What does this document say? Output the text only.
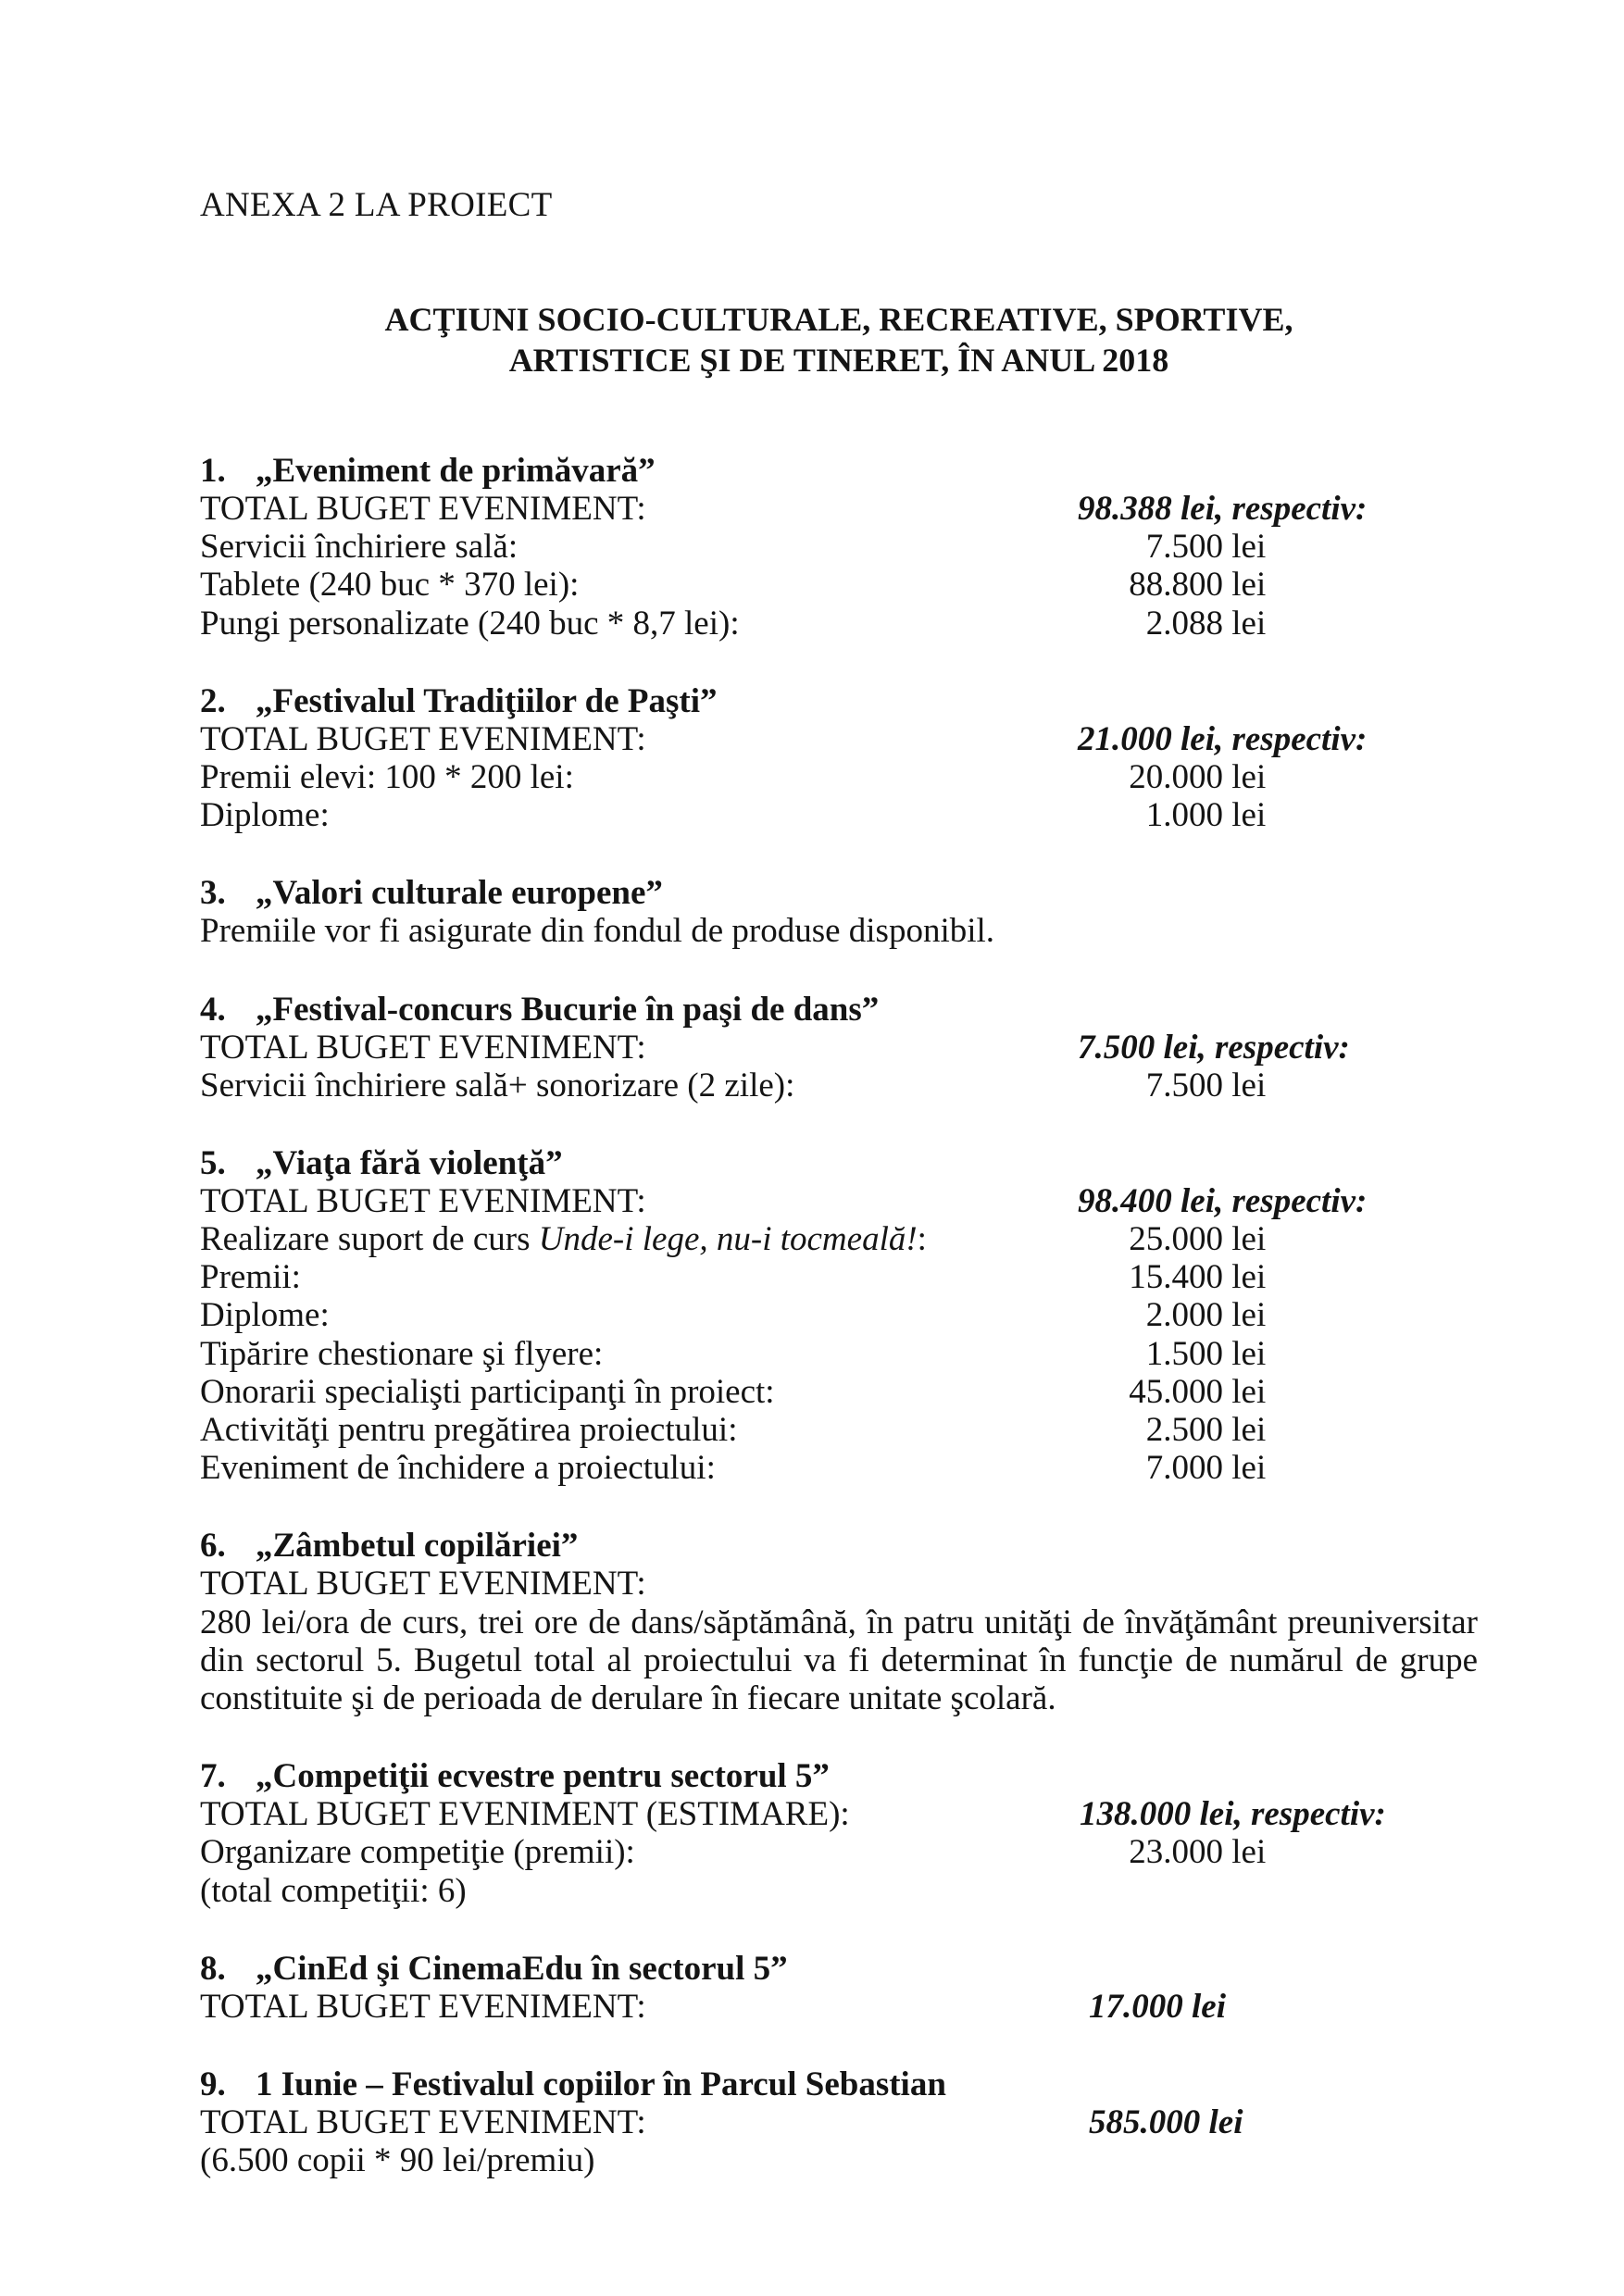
ANEXA 2 LA PROIECT
ACŢIUNI SOCIO-CULTURALE, RECREATIVE, SPORTIVE,
ARTISTICE ŞI DE TINERET, ÎN ANUL 2018
1. „Eveniment de primăvară”
TOTAL BUGET EVENIMENT:	98.388 lei, respectiv:
Servicii închiriere sală:	7.500 lei
Tablete (240 buc * 370 lei):	88.800 lei
Pungi personalizate (240 buc * 8,7 lei):	2.088 lei
2. „Festivalul Tradiţiilor de Paşti”
TOTAL BUGET EVENIMENT:	21.000 lei, respectiv:
Premii elevi: 100 * 200 lei:	20.000 lei
Diplome:	1.000 lei
3. „Valori culturale europene”
Premiile vor fi asigurate din fondul de produse disponibil.
4. „Festival-concurs Bucurie în paşi de dans”
TOTAL BUGET EVENIMENT:	7.500 lei, respectiv:
Servicii închiriere sală+ sonorizare (2 zile):	7.500 lei
5. „Viaţa fără violenţă”
TOTAL BUGET EVENIMENT:	98.400 lei, respectiv:
Realizare suport de curs Unde-i lege, nu-i tocmeală!:	25.000 lei
Premii:	15.400 lei
Diplome:	2.000 lei
Tipărire chestionare şi flyere:	1.500 lei
Onorarii specialişti participanţi în proiect:	45.000 lei
Activităţi pentru pregătirea proiectului:	2.500 lei
Eveniment de închidere a proiectului:	7.000 lei
6. „Zâmbetul copilăriei”
TOTAL BUGET EVENIMENT:
280 lei/ora de curs, trei ore de dans/săptămână, în patru unităţi de învăţământ preuniversitar din sectorul 5. Bugetul total al proiectului va fi determinat în funcţie de numărul de grupe constituite şi de perioada de derulare în fiecare unitate şcolară.
7. „Competiţii ecvestre pentru sectorul 5”
TOTAL BUGET EVENIMENT (ESTIMARE):	138.000 lei, respectiv:
Organizare competiţie (premii):	23.000 lei
(total competiţii: 6)
8. „CinEd şi CinemaEdu în sectorul 5”
TOTAL BUGET EVENIMENT:	17.000 lei
9. 1 Iunie – Festivalul copiilor în Parcul Sebastian
TOTAL BUGET EVENIMENT:	585.000 lei
(6.500 copii * 90 lei/premiu)
